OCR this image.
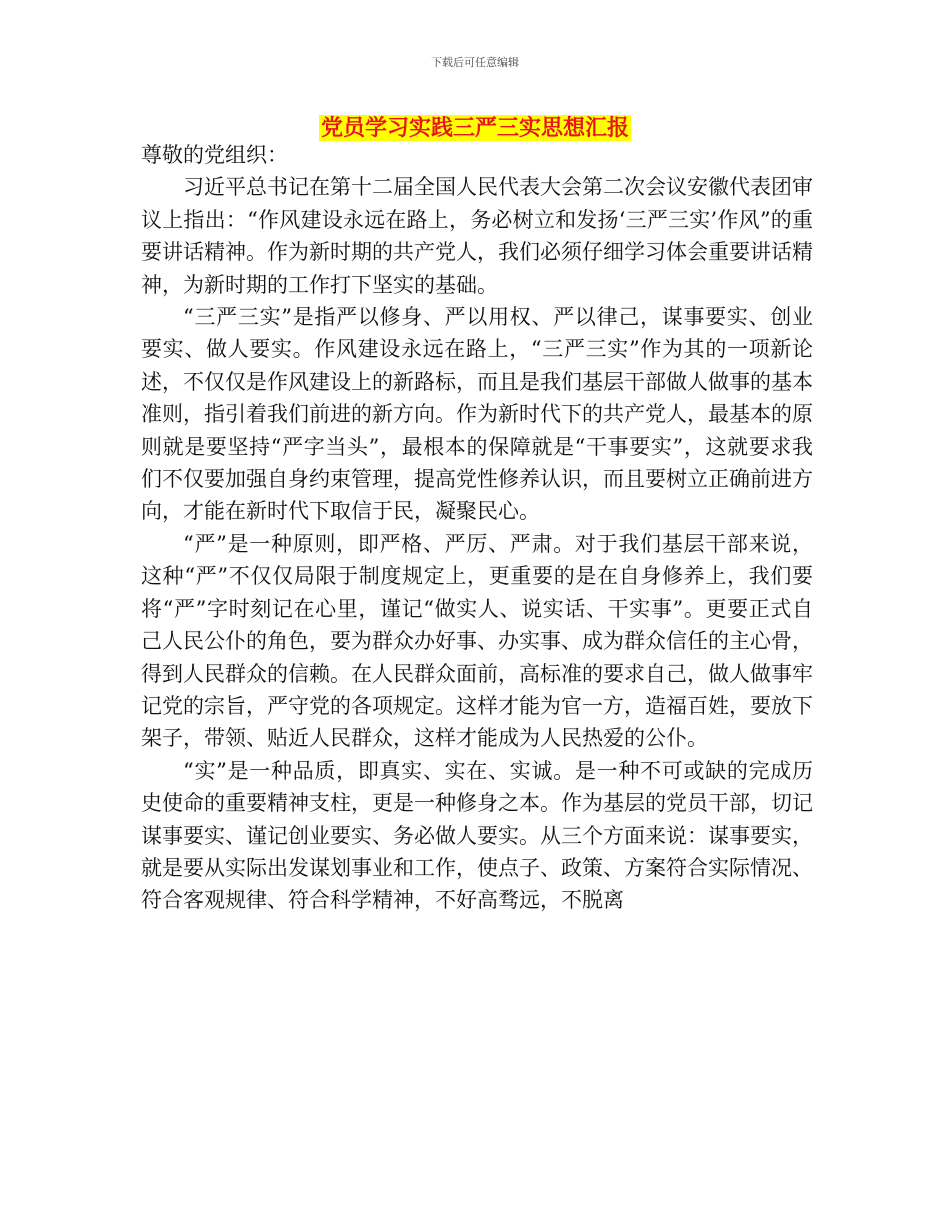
下载后可任意编辑
党员学习实践三严三实思想汇报

尊敬的党组织：

习近平总书记在第十二届全国人民代表大会第二次会议安徽代表团审议上指出：“作风建设永远在路上，务必树立和发扬‘三严三实’作风”的重要讲话精神。作为新时期的共产党人，我们必须仔细学习体会重要讲话精神，为新时期的工作打下坚实的基础。

“三严三实”是指严以修身、严以用权、严以律己，谋事要实、创业要实、做人要实。作风建设永远在路上，“三严三实”作为其的一项新论述，不仅仅是作风建设上的新路标，而且是我们基层干部做人做事的基本准则，指引着我们前进的新方向。作为新时代下的共产党人，最基本的原则就是要坚持“严字当头”，最根本的保障就是“干事要实”，这就要求我们不仅要加强自身约束管理，提高党性修养认识，而且要树立正确前进方向，才能在新时代下取信于民，凝聚民心。

“严”是一种原则，即严格、严厉、严肃。对于我们基层干部来说，这种“严”不仅仅局限于制度规定上，更重要的是在自身修养上，我们要将“严”字时刻记在心里，谨记“做实人、说实话、干实事”。更要正式自己人民公仆的角色，要为群众办好事、办实事、成为群众信任的主心骨，得到人民群众的信赖。在人民群众面前，高标准的要求自己，做人做事牢记党的宗旨，严守党的各项规定。这样才能为官一方，造福百姓，要放下架子，带领、贴近人民群众，这样才能成为人民热爱的公仆。

“实”是一种品质，即真实、实在、实诚。是一种不可或缺的完成历史使命的重要精神支柱，更是一种修身之本。作为基层的党员干部，切记谋事要实、谨记创业要实、务必做人要实。从三个方面来说：谋事要实，就是要从实际出发谋划事业和工作，使点子、政策、方案符合实际情况、符合客观规律、符合科学精神，不好高骛远，不脱离
